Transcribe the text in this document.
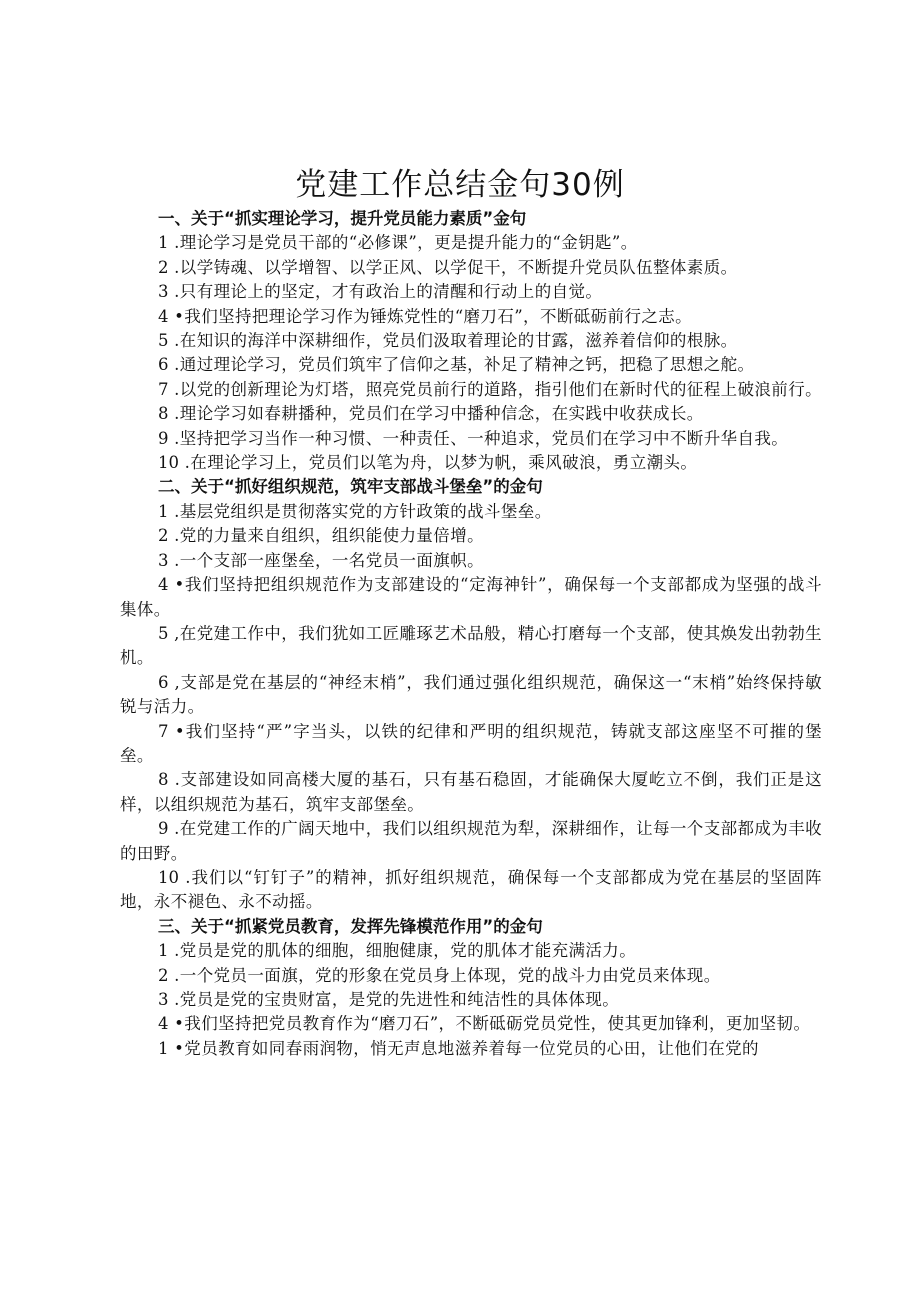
党建工作总结金句30例

一、关于“抓实理论学习，提升党员能力素质”金句

1 .理论学习是党员干部的“必修课”，更是提升能力的“金钥匙”。

2 .以学铸魂、以学增智、以学正风、以学促干，不断提升党员队伍整体素质。

3 .只有理论上的坚定，才有政治上的清醒和行动上的自觉。

4 •我们坚持把理论学习作为锤炼党性的“磨刀石”，不断砥砺前行之志。

5 .在知识的海洋中深耕细作，党员们汲取着理论的甘露，滋养着信仰的根脉。

6 .通过理论学习，党员们筑牢了信仰之基，补足了精神之钙，把稳了思想之舵。

7 .以党的创新理论为灯塔，照亮党员前行的道路，指引他们在新时代的征程上破浪前行。

8 .理论学习如春耕播种，党员们在学习中播种信念，在实践中收获成长。

9 .坚持把学习当作一种习惯、一种责任、一种追求，党员们在学习中不断升华自我。

10 .在理论学习上，党员们以笔为舟，以梦为帆，乘风破浪，勇立潮头。

二、关于“抓好组织规范，筑牢支部战斗堡垒”的金句

1 .基层党组织是贯彻落实党的方针政策的战斗堡垒。

2 .党的力量来自组织，组织能使力量倍增。

3 .一个支部一座堡垒，一名党员一面旗帜。

4 •我们坚持把组织规范作为支部建设的“定海神针”，确保每一个支部都成为坚强的战斗集体。

5 ,在党建工作中，我们犹如工匠雕琢艺术品般，精心打磨每一个支部，使其焕发出勃勃生机。

6 ,支部是党在基层的“神经末梢”，我们通过强化组织规范，确保这一“末梢”始终保持敏锐与活力。

7 •我们坚持“严”字当头，以铁的纪律和严明的组织规范，铸就支部这座坚不可摧的堡垒。

8 .支部建设如同高楼大厦的基石，只有基石稳固，才能确保大厦屹立不倒，我们正是这样，以组织规范为基石，筑牢支部堡垒。

9 .在党建工作的广阔天地中，我们以组织规范为犁，深耕细作，让每一个支部都成为丰收的田野。

10 .我们以“钉钉子”的精神，抓好组织规范，确保每一个支部都成为党在基层的坚固阵地，永不褪色、永不动摇。

三、关于“抓紧党员教育，发挥先锋模范作用”的金句

1 .党员是党的肌体的细胞，细胞健康，党的肌体才能充满活力。

2 .一个党员一面旗，党的形象在党员身上体现，党的战斗力由党员来体现。

3 .党员是党的宝贵财富，是党的先进性和纯洁性的具体体现。

4 •我们坚持把党员教育作为“磨刀石”，不断砥砺党员党性，使其更加锋利，更加坚韧。

1 •党员教育如同春雨润物，悄无声息地滋养着每一位党员的心田，让他们在党的
